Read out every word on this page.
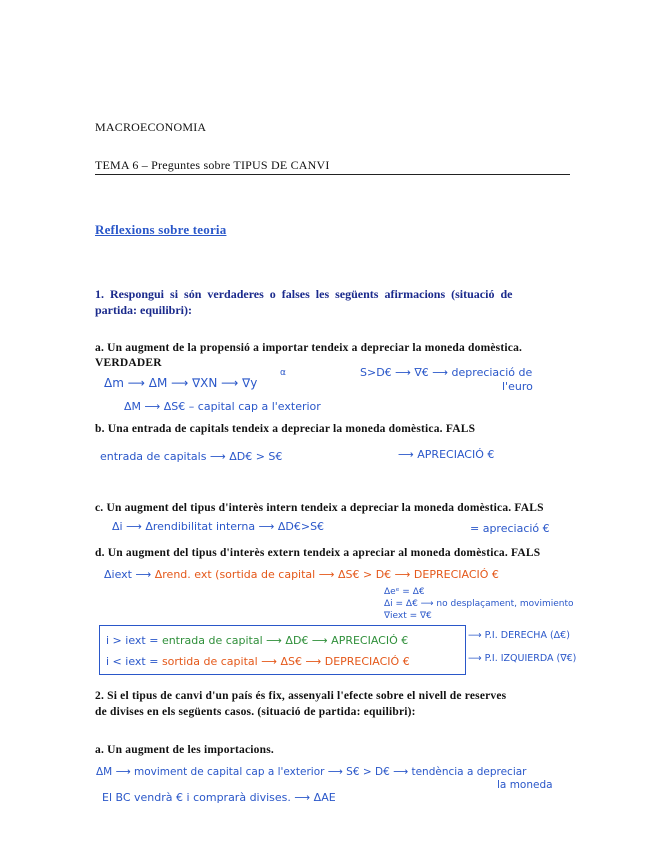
MACROECONOMIA
TEMA 6 – Preguntes sobre TIPUS DE CANVI
Reflexions sobre teoria
1. Respongui si són verdaderes o falses les següents afirmacions (situació de
partida: equilibri):
a. Un augment de la propensió a importar tendeix a depreciar la moneda domèstica.
VERDADER
Δm ⟶ ΔM ⟶ ∇XN ⟶ ∇y
α	S>D€ ⟶ ∇€ ⟶ depreciació de
l'euro
ΔM ⟶ ΔS€ – capital cap a l'exterior
b. Una entrada de capitals tendeix a depreciar la moneda domèstica. FALS
entrada de capitals ⟶ ΔD€ > S€	⟶ APRECIACIÓ €
c. Un augment del tipus d'interès intern tendeix a depreciar la moneda domèstica. FALS
Δi ⟶ Δrendibilitat interna ⟶ ΔD€>S€	= apreciació €
d. Un augment del tipus d'interès extern tendeix a apreciar al moneda domèstica. FALS
Δiext ⟶ Δrend. ext (sortida de capital ⟶ ΔS€ > D€ ⟶ DEPRECIACIÓ €
Δeᵉ = Δ€
Δi = Δ€ ⟶ no desplaçament, movimiento
∇iext = ∇€
i > iext = entrada de capital ⟶ ΔD€ ⟶ APRECIACIÓ €	⟶ P.I. DERECHA (Δ€)
i < iext = sortida de capital ⟶ ΔS€ ⟶ DEPRECIACIÓ €	⟶ P.I. IZQUIERDA (∇€)
2. Si el tipus de canvi d'un país és fix, assenyali l'efecte sobre el nivell de reserves
de divises en els següents casos. (situació de partida: equilibri):
a. Un augment de les importacions.
ΔM ⟶ moviment de capital cap a l'exterior ⟶ S€ > D€ ⟶ tendència a depreciar
la moneda
El BC vendrà € i comprarà divises. ⟶ ΔAE
